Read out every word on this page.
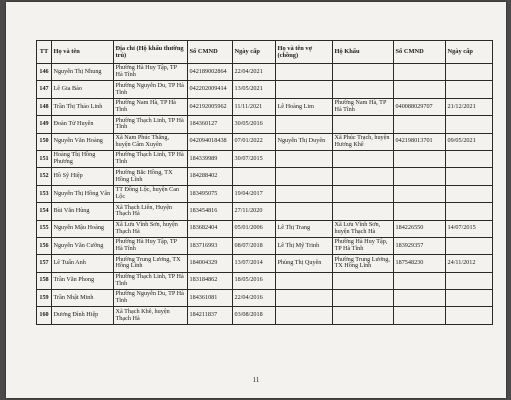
TT	Họ và tên	Địa chỉ (Hộ khẩu thường trú)	Số CMND	Ngày cấp	Họ và tên vợ (chồng)	Hộ Khẩu	Số CMND	Ngày cấp
146	Nguyễn Thị Nhung	Phường Hà Huy Tập, TP Hà Tĩnh	042189002864	22/04/2021				
147	Lê Gia Bảo	Phường Nguyễn Du, TP Hà Tĩnh	042202009414	13/05/2021				
148	Trần Thị Thảo Linh	Phường Nam Hà, TP Hà Tĩnh	042192005962	11/11/2021	Lê Hoàng Lim	Phường Nam Hà, TP Hà Tĩnh	040088029707	21/12/2021
149	Đoàn Tử Huyên	Phường Thạch Linh, TP Hà Tĩnh	184360127	30/05/2016				
150	Nguyễn Văn Hoàng	Xã Nam Phúc Thăng, huyện Cẩm Xuyên	042094018438	07/01/2022	Nguyễn Thị Duyên	Xã Phúc Trạch, huyện Hương Khê	042198013701	09/05/2021
151	Hoàng Thị Hồng Phương	Phường Thạch Linh, TP Hà Tĩnh	184339989	30/07/2015				
152	Hồ Sỹ Hiệp	Phường Bắc Hồng, TX Hồng Lĩnh	184288402					
153	Nguyễn Thị Hồng Vân	TT Đồng Lộc, huyện Can Lộc	183495075	19/04/2017				
154	Bùi Văn Hùng	Xã Thạch Liên, Huyện Thạch Hà	183454816	27/11/2020				
155	Nguyễn Mậu Hoàng	Xã Lưu Vĩnh Sơn, huyện Thạch Hà	183682404	05/01/2006	Lê Thị Trang	Xã Lưu Vĩnh Sơn, huyện Thạch Hà	184226550	14/07/2015
156	Nguyễn Văn Cường	Phường Hà Huy Tập, TP Hà Tĩnh	183716993	08/07/2018	Lê Thị Mỹ Trinh	Phường Hà Huy Tập, TP Hà Tĩnh	183929357	
157	Lê Tuấn Anh	Phường Trung Lương, TX Hồng Lĩnh	184004329	13/07/2014	Phùng Thị Quyên	Phường Trung Lương, TX Hồng Lĩnh	187548230	24/11/2012
158	Trần Văn Phong	Phường Thạch Linh, TP Hà Tĩnh	183184862	18/05/2016				
159	Trần Nhật Minh	Phường Nguyễn Du, TP Hà Tĩnh	184361081	22/04/2016				
160	Dương Đình Hiệp	Xã Thạch Khê, huyện Thạch Hà	184211837	03/08/2018				
11
